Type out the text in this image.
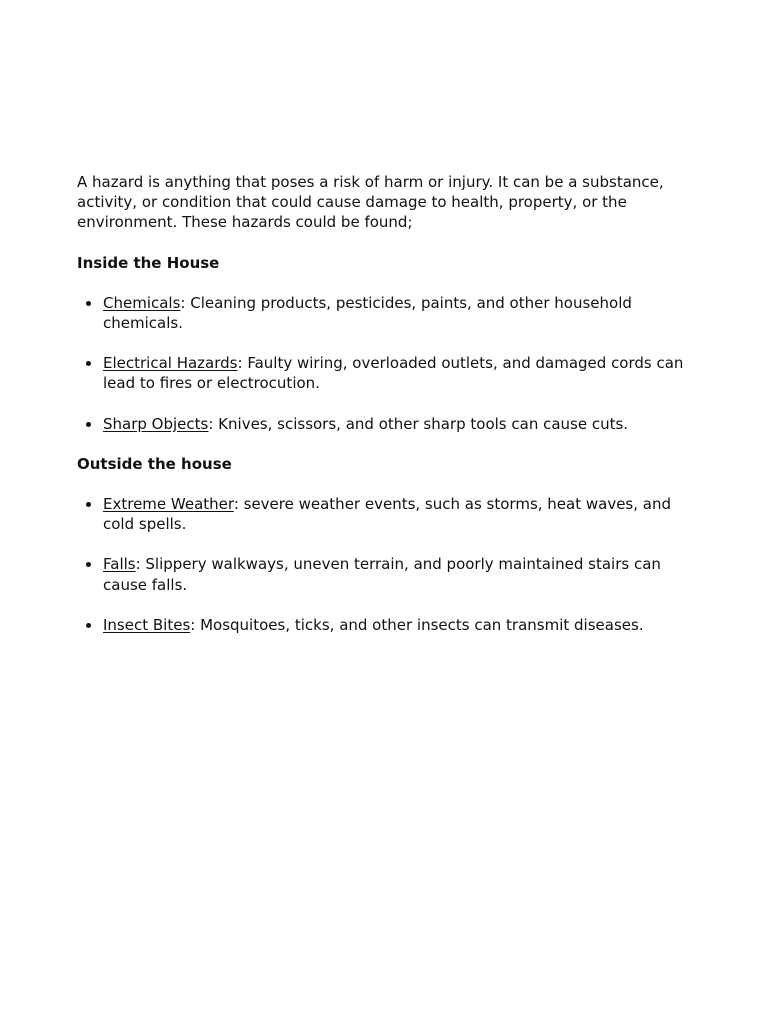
A hazard is anything that poses a risk of harm or injury. It can be a substance, activity, or condition that could cause damage to health, property, or the environment. These hazards could be found;

Inside the House
Chemicals: Cleaning products, pesticides, paints, and other household chemicals.
Electrical Hazards: Faulty wiring, overloaded outlets, and damaged cords can lead to fires or electrocution.
Sharp Objects: Knives, scissors, and other sharp tools can cause cuts.
Outside the house
Extreme Weather: severe weather events, such as storms, heat waves, and cold spells.
Falls: Slippery walkways, uneven terrain, and poorly maintained stairs can cause falls.
Insect Bites: Mosquitoes, ticks, and other insects can transmit diseases.
